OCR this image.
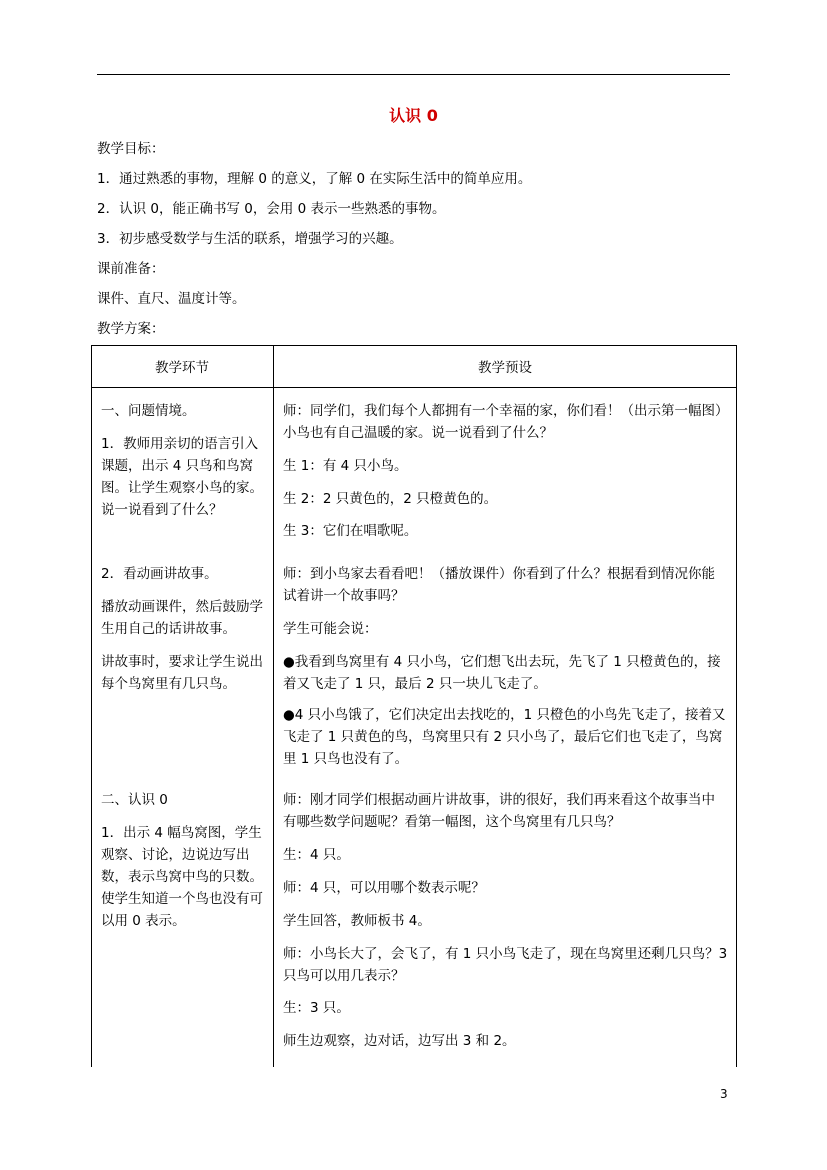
认识 0
教学目标：
1．通过熟悉的事物，理解 0 的意义，了解 0 在实际生活中的简单应用。
2．认识 0，能正确书写 0，会用 0 表示一些熟悉的事物。
3．初步感受数学与生活的联系，增强学习的兴趣。
课前准备：
课件、直尺、温度计等。
教学方案：
教学环节	教学预设
一、问题情境。
1．教师用亲切的语言引入课题，出示 4 只鸟和鸟窝图。让学生观察小鸟的家。说一说看到了什么？
2．看动画讲故事。
播放动画课件，然后鼓励学生用自己的话讲故事。
讲故事时，要求让学生说出每个鸟窝里有几只鸟。
二、认识 0
1．出示 4 幅鸟窝图，学生观察、讨论，边说边写出数，表示鸟窝中鸟的只数。使学生知道一个鸟也没有可以用 0 表示。
师：同学们，我们每个人都拥有一个幸福的家，你们看！（出示第一幅图）小鸟也有自己温暖的家。说一说看到了什么？
生 1：有 4 只小鸟。
生 2：2 只黄色的，2 只橙黄色的。
生 3：它们在唱歌呢。
师：到小鸟家去看看吧！（播放课件）你看到了什么？根据看到情况你能试着讲一个故事吗？
学生可能会说：
●我看到鸟窝里有 4 只小鸟，它们想飞出去玩，先飞了 1 只橙黄色的，接着又飞走了 1 只，最后 2 只一块儿飞走了。
●4 只小鸟饿了，它们决定出去找吃的，1 只橙色的小鸟先飞走了，接着又飞走了 1 只黄色的鸟，鸟窝里只有 2 只小鸟了，最后它们也飞走了，鸟窝里 1 只鸟也没有了。
师：刚才同学们根据动画片讲故事，讲的很好，我们再来看这个故事当中有哪些数学问题呢？看第一幅图，这个鸟窝里有几只鸟？
生：4 只。
师：4 只，可以用哪个数表示呢？
学生回答，教师板书 4。
师：小鸟长大了，会飞了，有 1 只小鸟飞走了，现在鸟窝里还剩几只鸟？3 只鸟可以用几表示？
生：3 只。
师生边观察，边对话，边写出 3 和 2。
3
